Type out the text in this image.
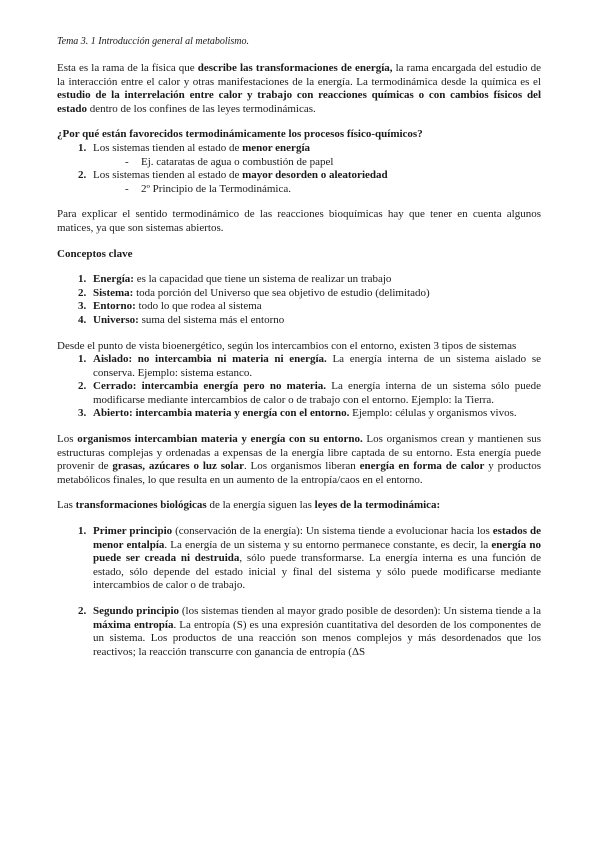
Tema 3. 1 Introducción general al metabolismo.

Esta es la rama de la física que describe las transformaciones de energía, la rama encargada del estudio de la interacción entre el calor y otras manifestaciones de la energía. La termodinámica desde la química es el estudio de la interrelación entre calor y trabajo con reacciones químicas o con cambios físicos del estado dentro de los confines de las leyes termodinámicas.

¿Por qué están favorecidos termodinámicamente los procesos físico-químicos?

1. Los sistemas tienden al estado de menor energía
- Ej. cataratas de agua o combustión de papel
2. Los sistemas tienden al estado de mayor desorden o aleatoriedad
- 2º Principio de la Termodinámica.

Para explicar el sentido termodinámico de las reacciones bioquímicas hay que tener en cuenta algunos matices, ya que son sistemas abiertos.

Conceptos clave

1. Energía: es la capacidad que tiene un sistema de realizar un trabajo
2. Sistema: toda porción del Universo que sea objetivo de estudio (delimitado)
3. Entorno: todo lo que rodea al sistema
4. Universo: suma del sistema más el entorno

Desde el punto de vista bioenergético, según los intercambios con el entorno, existen 3 tipos de sistemas

1. Aislado: no intercambia ni materia ni energía. La energía interna de un sistema aislado se conserva. Ejemplo: sistema estanco.
2. Cerrado: intercambia energía pero no materia. La energía interna de un sistema sólo puede modificarse mediante intercambios de calor o de trabajo con el entorno. Ejemplo: la Tierra.
3. Abierto: intercambia materia y energía con el entorno. Ejemplo: células y organismos vivos.

Los organismos intercambian materia y energía con su entorno. Los organismos crean y mantienen sus estructuras complejas y ordenadas a expensas de la energía libre captada de su entorno. Esta energía puede provenir de grasas, azúcares o luz solar. Los organismos liberan energía en forma de calor y productos metabólicos finales, lo que resulta en un aumento de la entropía/caos en el entorno.

Las transformaciones biológicas de la energía siguen las leyes de la termodinámica:

1. Primer principio (conservación de la energía): Un sistema tiende a evolucionar hacia los estados de menor entalpía. La energía de un sistema y su entorno permanece constante, es decir, la energía no puede ser creada ni destruida, sólo puede transformarse. La energía interna es una función de estado, sólo depende del estado inicial y final del sistema y sólo puede modificarse mediante intercambios de calor o de trabajo.
2. Segundo principio (los sistemas tienden al mayor grado posible de desorden): Un sistema tiende a la máxima entropía. La entropía (S) es una expresión cuantitativa del desorden de los componentes de un sistema. Los productos de una reacción son menos complejos y más desordenados que los reactivos; la reacción transcurre con ganancia de entropía (ΔS
